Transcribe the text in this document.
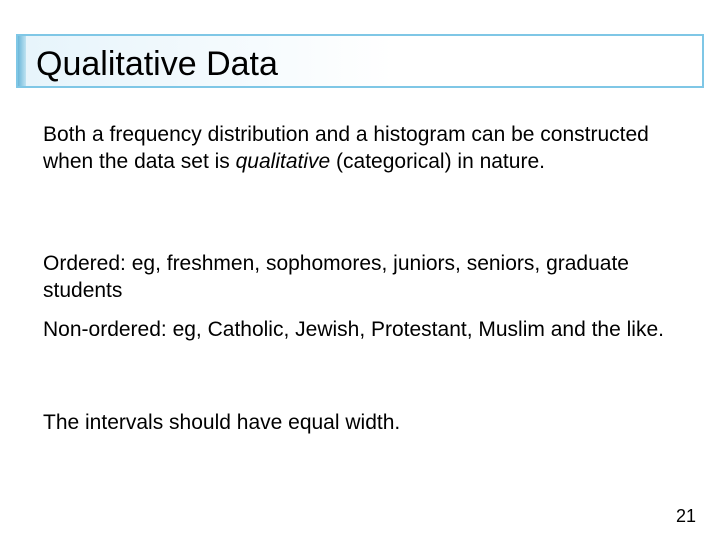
Qualitative Data

Both a frequency distribution and a histogram can be constructed when the data set is qualitative (categorical) in nature.

Ordered: eg, freshmen, sophomores, juniors, seniors, graduate students

Non-ordered: eg, Catholic, Jewish, Protestant, Muslim and the like.

The intervals should have equal width.

21
